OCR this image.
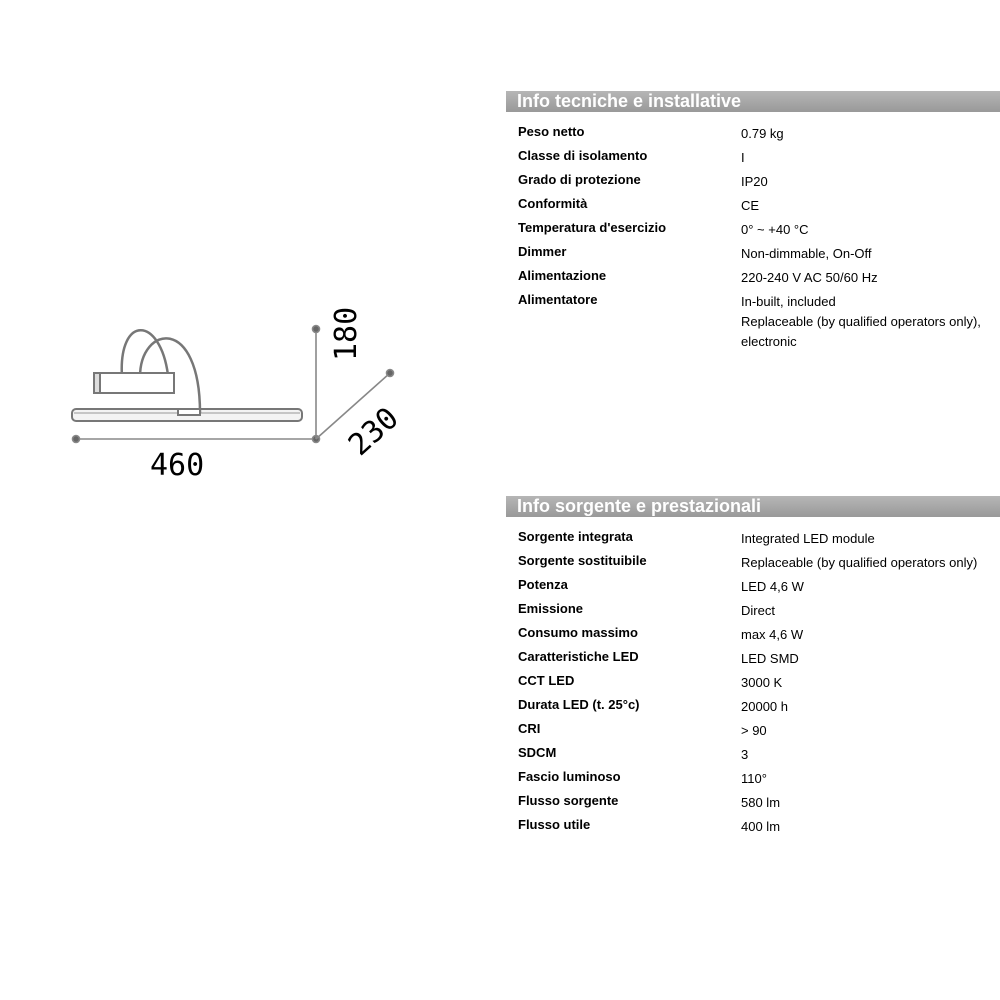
460
180
230
Info tecniche e installative
Peso netto	0.79 kg
Classe di isolamento	I
Grado di protezione	IP20
Conformità	CE
Temperatura d'esercizio	0° ~ +40 °C
Dimmer	Non-dimmable, On-Off
Alimentazione	220-240 V AC 50/60 Hz
Alimentatore	In-built, included
Replaceable (by qualified operators only),
electronic
Info sorgente e prestazionali
Sorgente integrata	Integrated LED module
Sorgente sostituibile	Replaceable (by qualified operators only)
Potenza	LED 4,6 W
Emissione	Direct
Consumo massimo	max 4,6 W
Caratteristiche LED	LED SMD
CCT LED	3000 K
Durata LED (t. 25°c)	20000 h
CRI	> 90
SDCM	3
Fascio luminoso	110°
Flusso sorgente	580 lm
Flusso utile	400 lm
